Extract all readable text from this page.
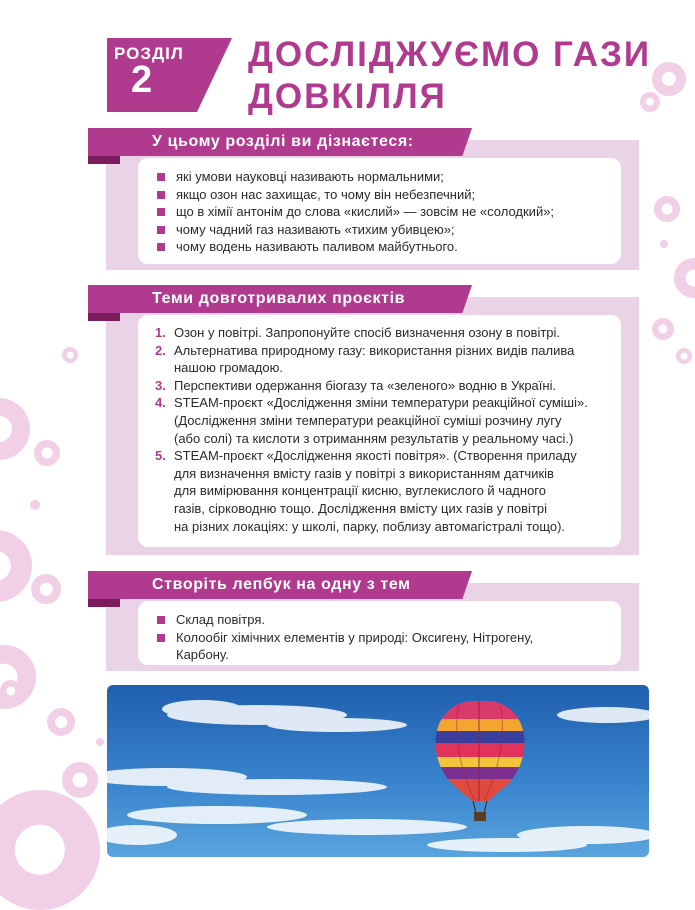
РОЗДІЛ
2
ДОСЛІДЖУЄМО ГАЗИ
ДОВКІЛЛЯ
У цьому розділі ви дізнаєтеся:
які умови науковці називають нормальними;
якщо озон нас захищає, то чому він небезпечний;
що в хімії антонім до слова «кислий» — зовсім не «солодкий»;
чому чадний газ називають «тихим убивцею»;
чому водень називають паливом майбутнього.
Теми довготривалих проєктів
1. Озон у повітрі. Запропонуйте спосіб визначення озону в повітрі.
2. Альтернатива природному газу: використання різних видів палива
нашою громадою.
3. Перспективи одержання біогазу та «зеленого» водню в Україні.
4. STEAM-проєкт «Дослідження зміни температури реакційної суміші».
(Дослідження зміни температури реакційної суміші розчину лугу
(або солі) та кислоти з отриманням результатів у реальному часі.)
5. STEAM-проєкт «Дослідження якості повітря». (Створення приладу
для визначення вмісту газів у повітрі з використанням датчиків
для вимірювання концентрації кисню, вуглекислого й чадного
газів, сірководню тощо. Дослідження вмісту цих газів у повітрі
на різних локаціях: у школі, парку, поблизу автомагістралі тощо).
Створіть лепбук на одну з тем
Склад повітря.
Колообіг хімічних елементів у природі: Оксигену, Нітрогену,
Карбону.
